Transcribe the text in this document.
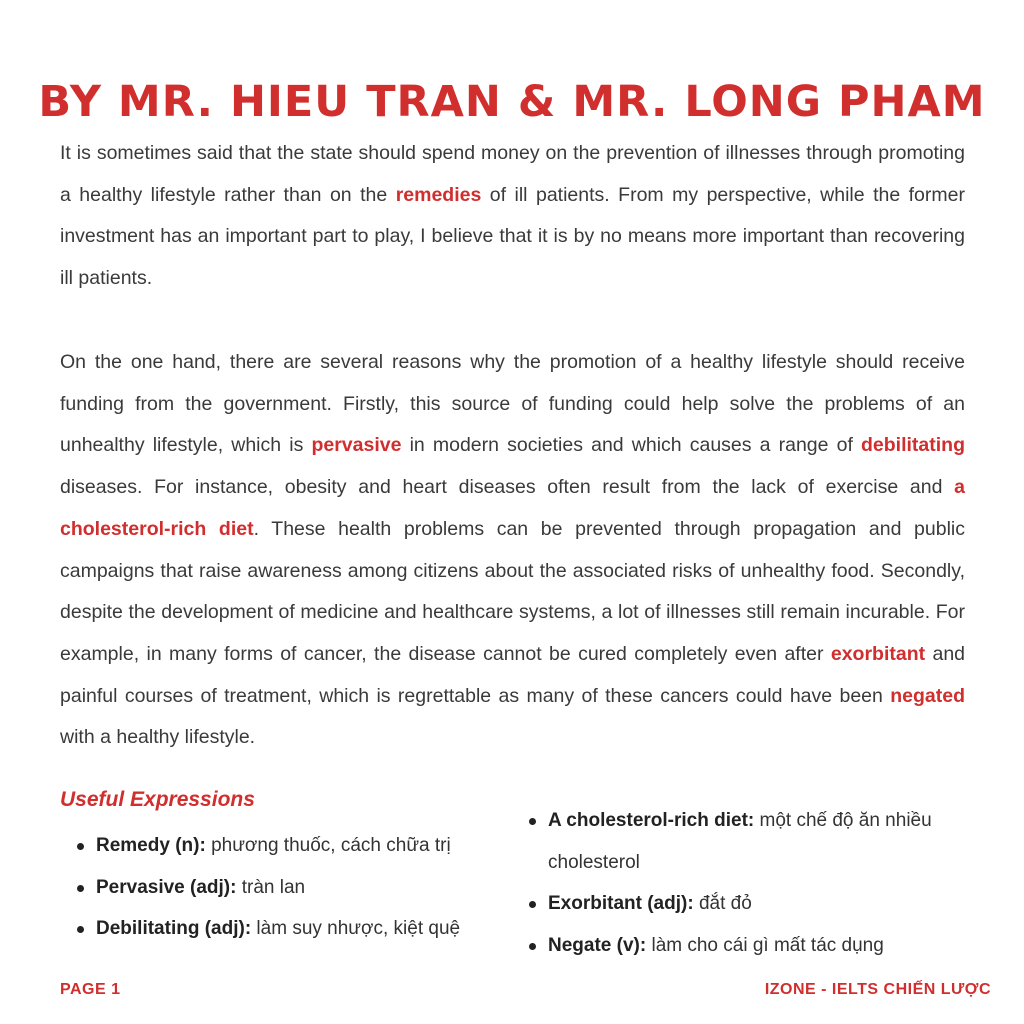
BY MR. HIEU TRAN & MR. LONG PHAM

It is sometimes said that the state should spend money on the prevention of illnesses through promoting a healthy lifestyle rather than on the remedies of ill patients. From my perspective, while the former investment has an important part to play, I believe that it is by no means more important than recovering ill patients.

On the one hand, there are several reasons why the promotion of a healthy lifestyle should receive funding from the government. Firstly, this source of funding could help solve the problems of an unhealthy lifestyle, which is pervasive in modern societies and which causes a range of debilitating diseases. For instance, obesity and heart diseases often result from the lack of exercise and a cholesterol-rich diet. These health problems can be prevented through propagation and public campaigns that raise awareness among citizens about the associated risks of unhealthy food. Secondly, despite the development of medicine and healthcare systems, a lot of illnesses still remain incurable. For example, in many forms of cancer, the disease cannot be cured completely even after exorbitant and painful courses of treatment, which is regrettable as many of these cancers could have been negated with a healthy lifestyle.

Useful Expressions
Remedy (n): phương thuốc, cách chữa trị
Pervasive (adj): tràn lan
Debilitating (adj): làm suy nhược, kiệt quệ
A cholesterol-rich diet: một chế độ ăn nhiều cholesterol
Exorbitant (adj): đắt đỏ
Negate (v): làm cho cái gì mất tác dụng
PAGE 1	IZONE - IELTS CHIẾN LƯỢC
